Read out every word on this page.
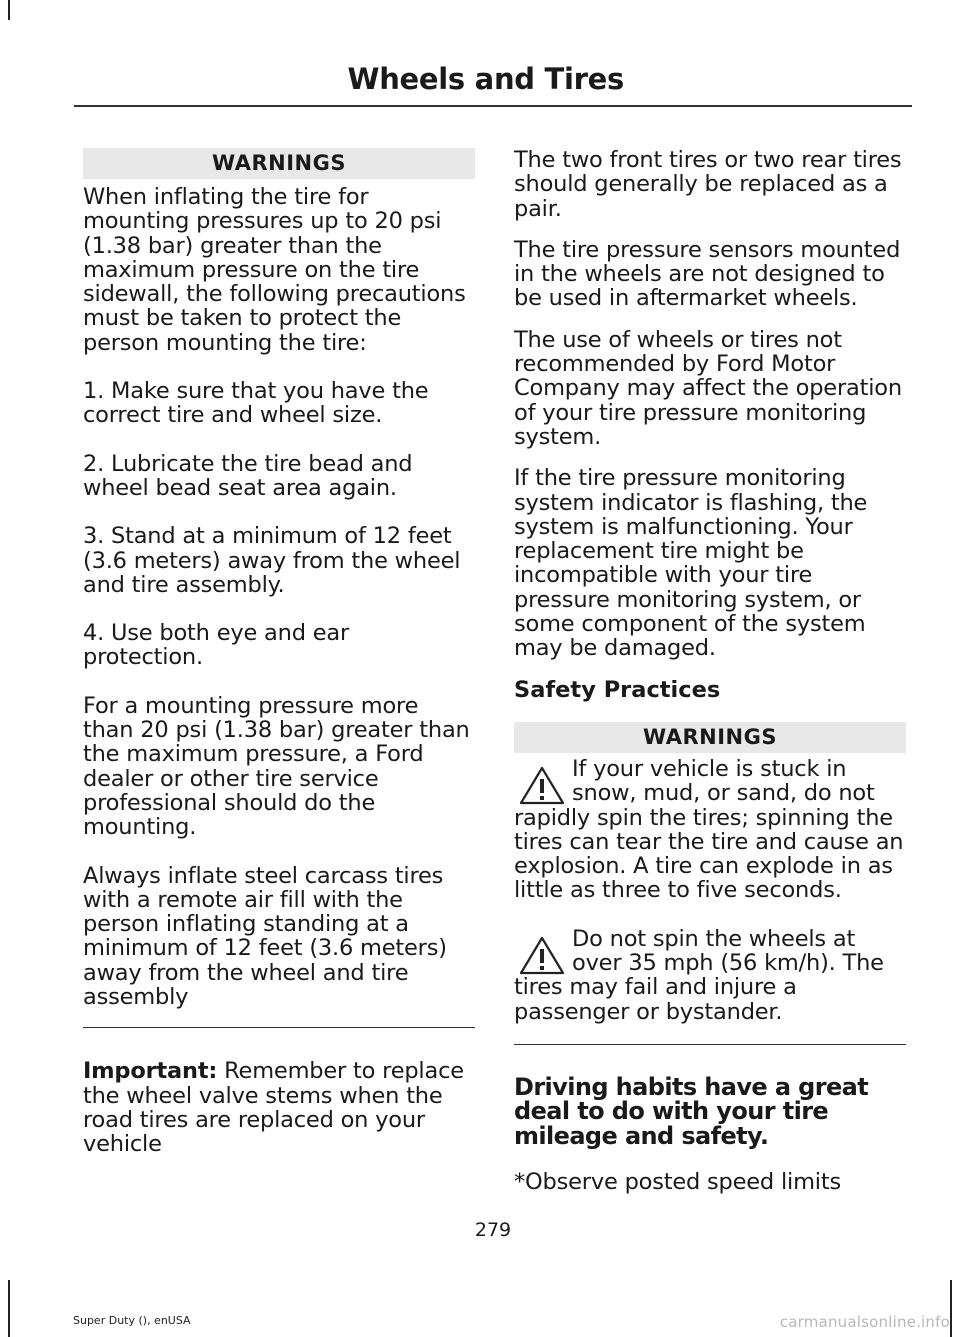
Wheels and Tires
WARNINGS

When inflating the tire for mounting pressures up to 20 psi (1.38 bar) greater than the maximum pressure on the tire sidewall, the following precautions must be taken to protect the person mounting the tire:

1. Make sure that you have the correct tire and wheel size.

2. Lubricate the tire bead and wheel bead seat area again.

3. Stand at a minimum of 12 feet (3.6 meters) away from the wheel and tire assembly.

4. Use both eye and ear protection.

For a mounting pressure more than 20 psi (1.38 bar) greater than the maximum pressure, a Ford dealer or other tire service professional should do the mounting.

Always inflate steel carcass tires with a remote air fill with the person inflating standing at a minimum of 12 feet (3.6 meters) away from the wheel and tire assembly

Important: Remember to replace the wheel valve stems when the road tires are replaced on your vehicle

The two front tires or two rear tires should generally be replaced as a pair.

The tire pressure sensors mounted in the wheels are not designed to be used in aftermarket wheels.

The use of wheels or tires not recommended by Ford Motor Company may affect the operation of your tire pressure monitoring system.

If the tire pressure monitoring system indicator is flashing, the system is malfunctioning. Your replacement tire might be incompatible with your tire pressure monitoring system, or some component of the system may be damaged.

Safety Practices

WARNINGS
If your vehicle is stuck in snow, mud, or sand, do not rapidly spin the tires; spinning the tires can tear the tire and cause an explosion. A tire can explode in as little as three to five seconds.
Do not spin the wheels at over 35 mph (56 km/h). The tires may fail and injure a passenger or bystander.

Driving habits have a great deal to do with your tire mileage and safety.

*Observe posted speed limits

279
Super Duty (), enUSA	carmanualsonline.info
